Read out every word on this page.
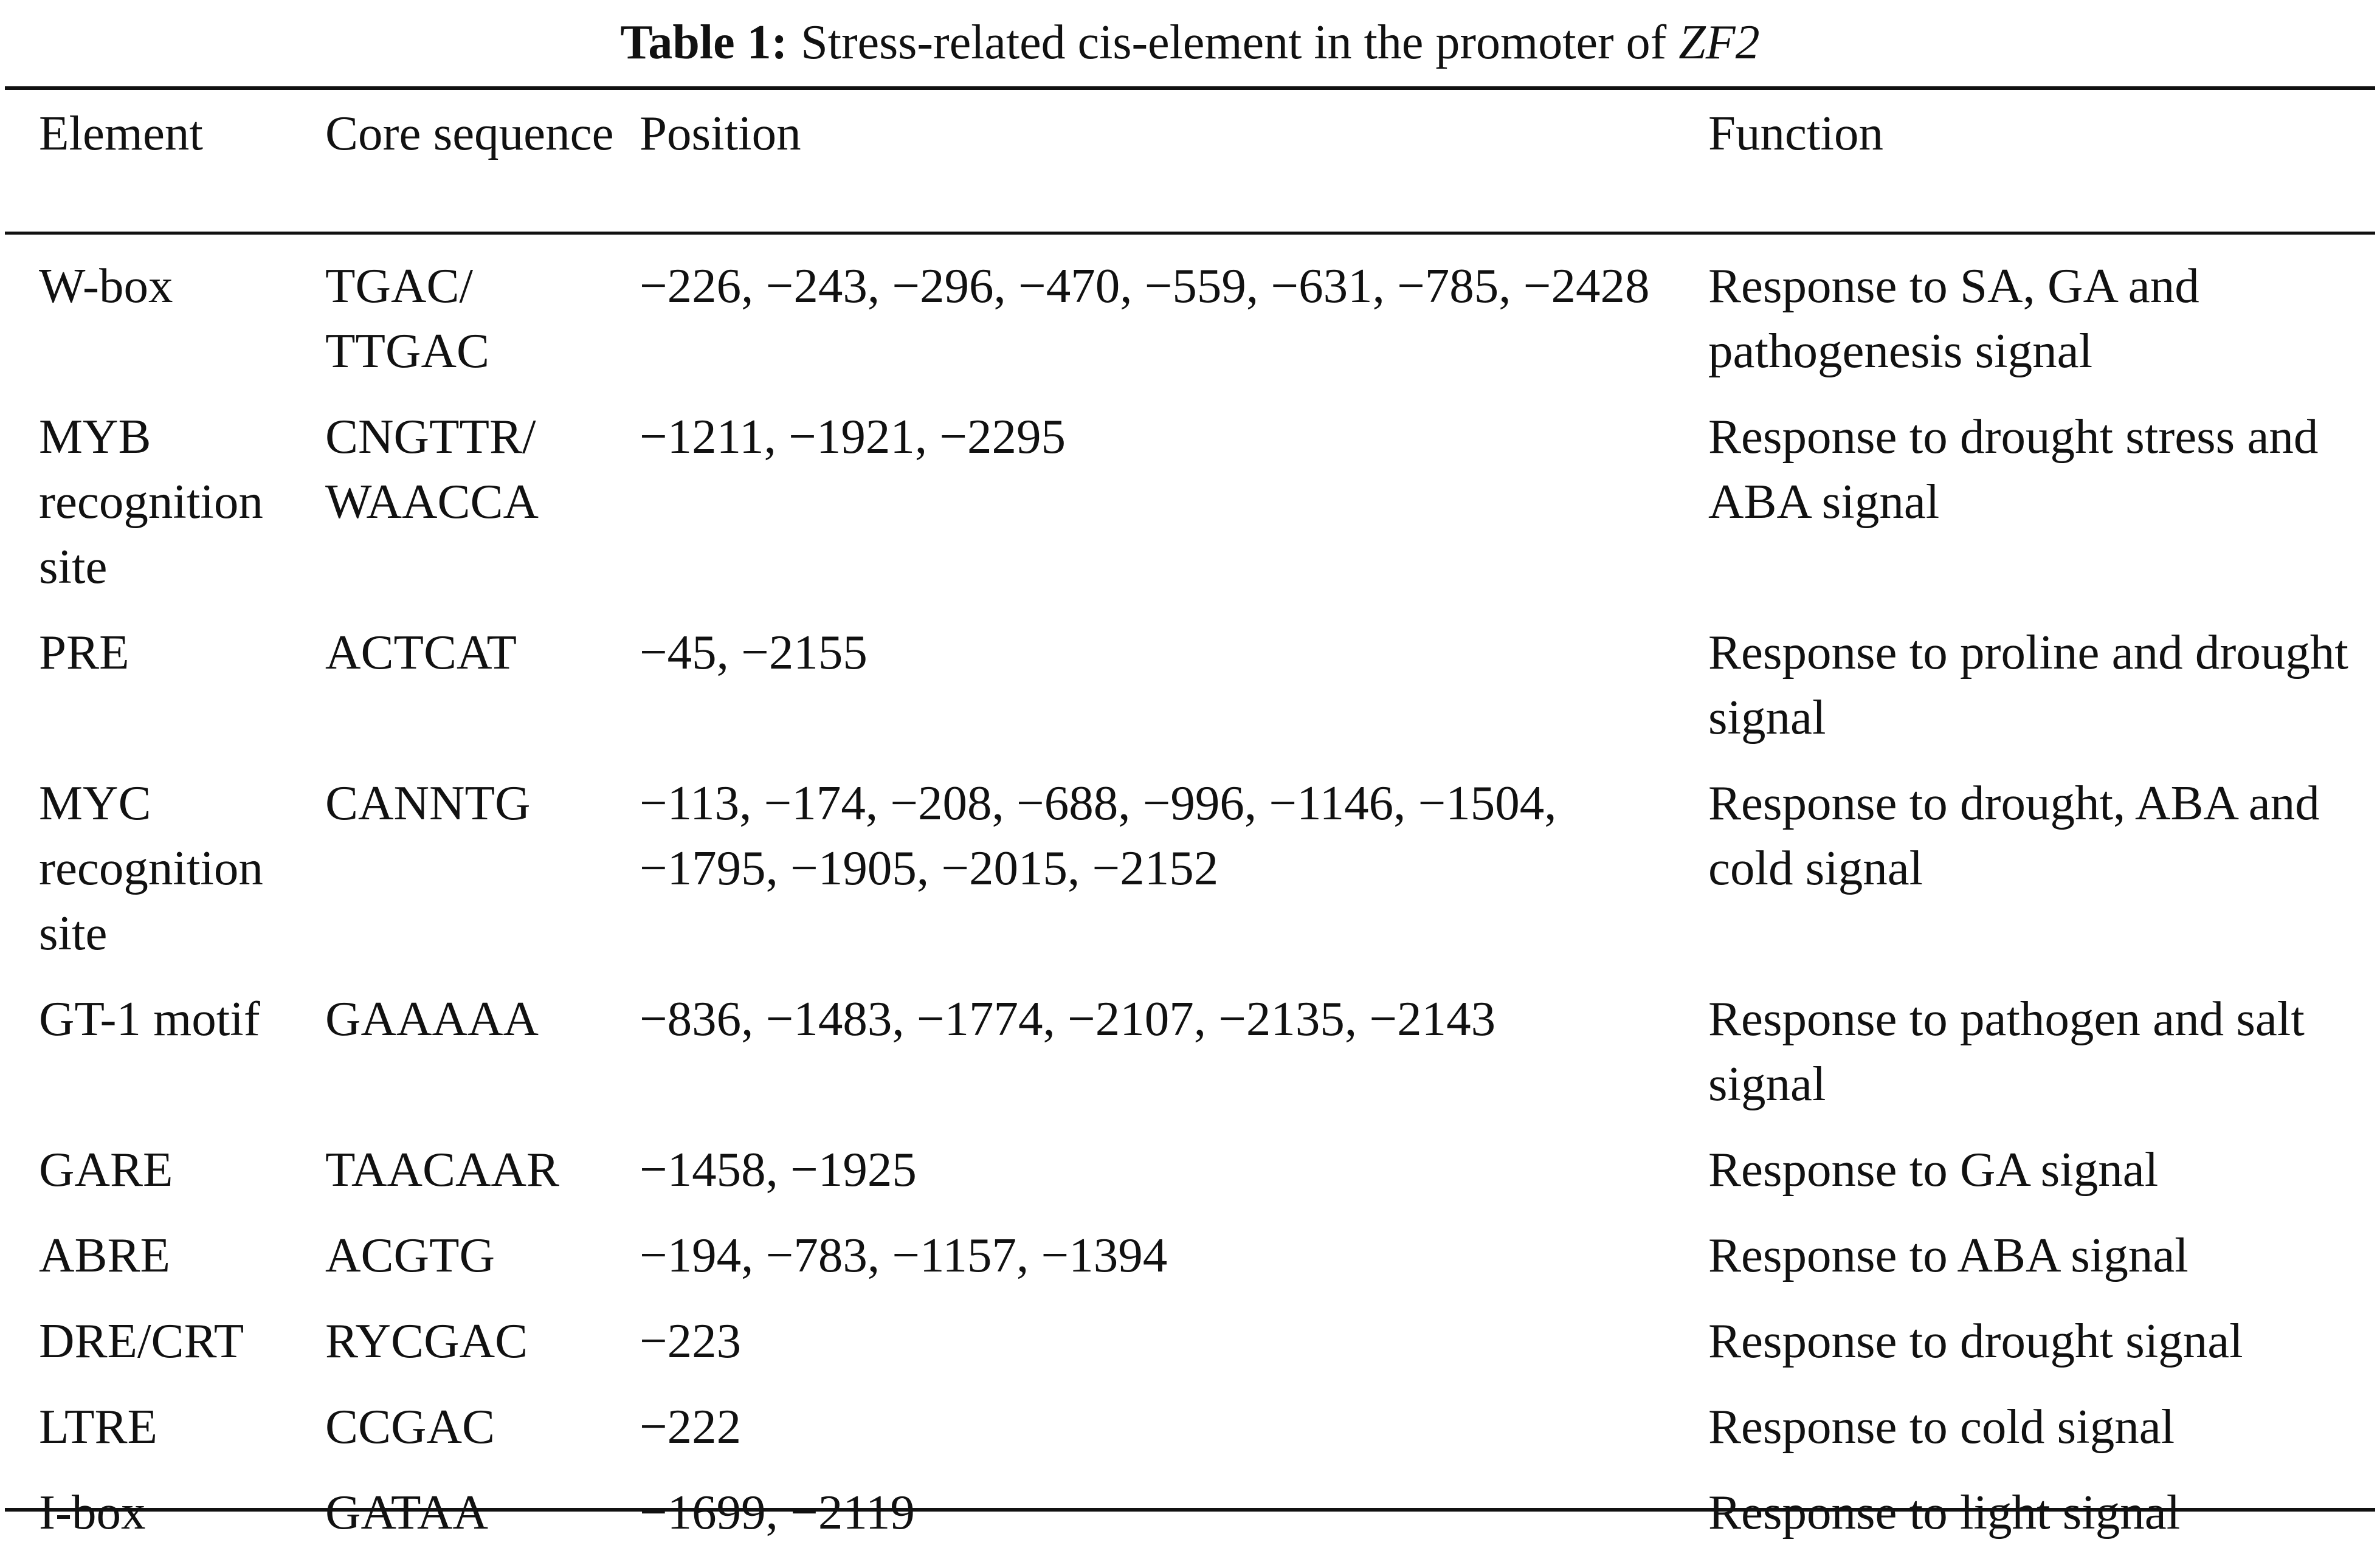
Table 1: Stress-related cis-element in the promoter of ZF2
Element	Core sequence	Position	Function
W-box	TGAC/ TTGAC	−226, −243, −296, −470, −559, −631, −785, −2428	Response to SA, GA and pathogenesis signal
MYB recognition site	CNGTTR/ WAACCA	−1211, −1921, −2295	Response to drought stress and ABA signal
PRE	ACTCAT	−45, −2155	Response to proline and drought signal
MYC recognition site	CANNTG	−113, −174, −208, −688, −996, −1146, −1504, −1795, −1905, −2015, −2152	Response to drought, ABA and cold signal
GT-1 motif	GAAAAA	−836, −1483, −1774, −2107, −2135, −2143	Response to pathogen and salt signal
GARE	TAACAAR	−1458, −1925	Response to GA signal
ABRE	ACGTG	−194, −783, −1157, −1394	Response to ABA signal
DRE/CRT	RYCGAC	−223	Response to drought signal
LTRE	CCGAC	−222	Response to cold signal
I-box	GATAA	−1699, −2119	Response to light signal
